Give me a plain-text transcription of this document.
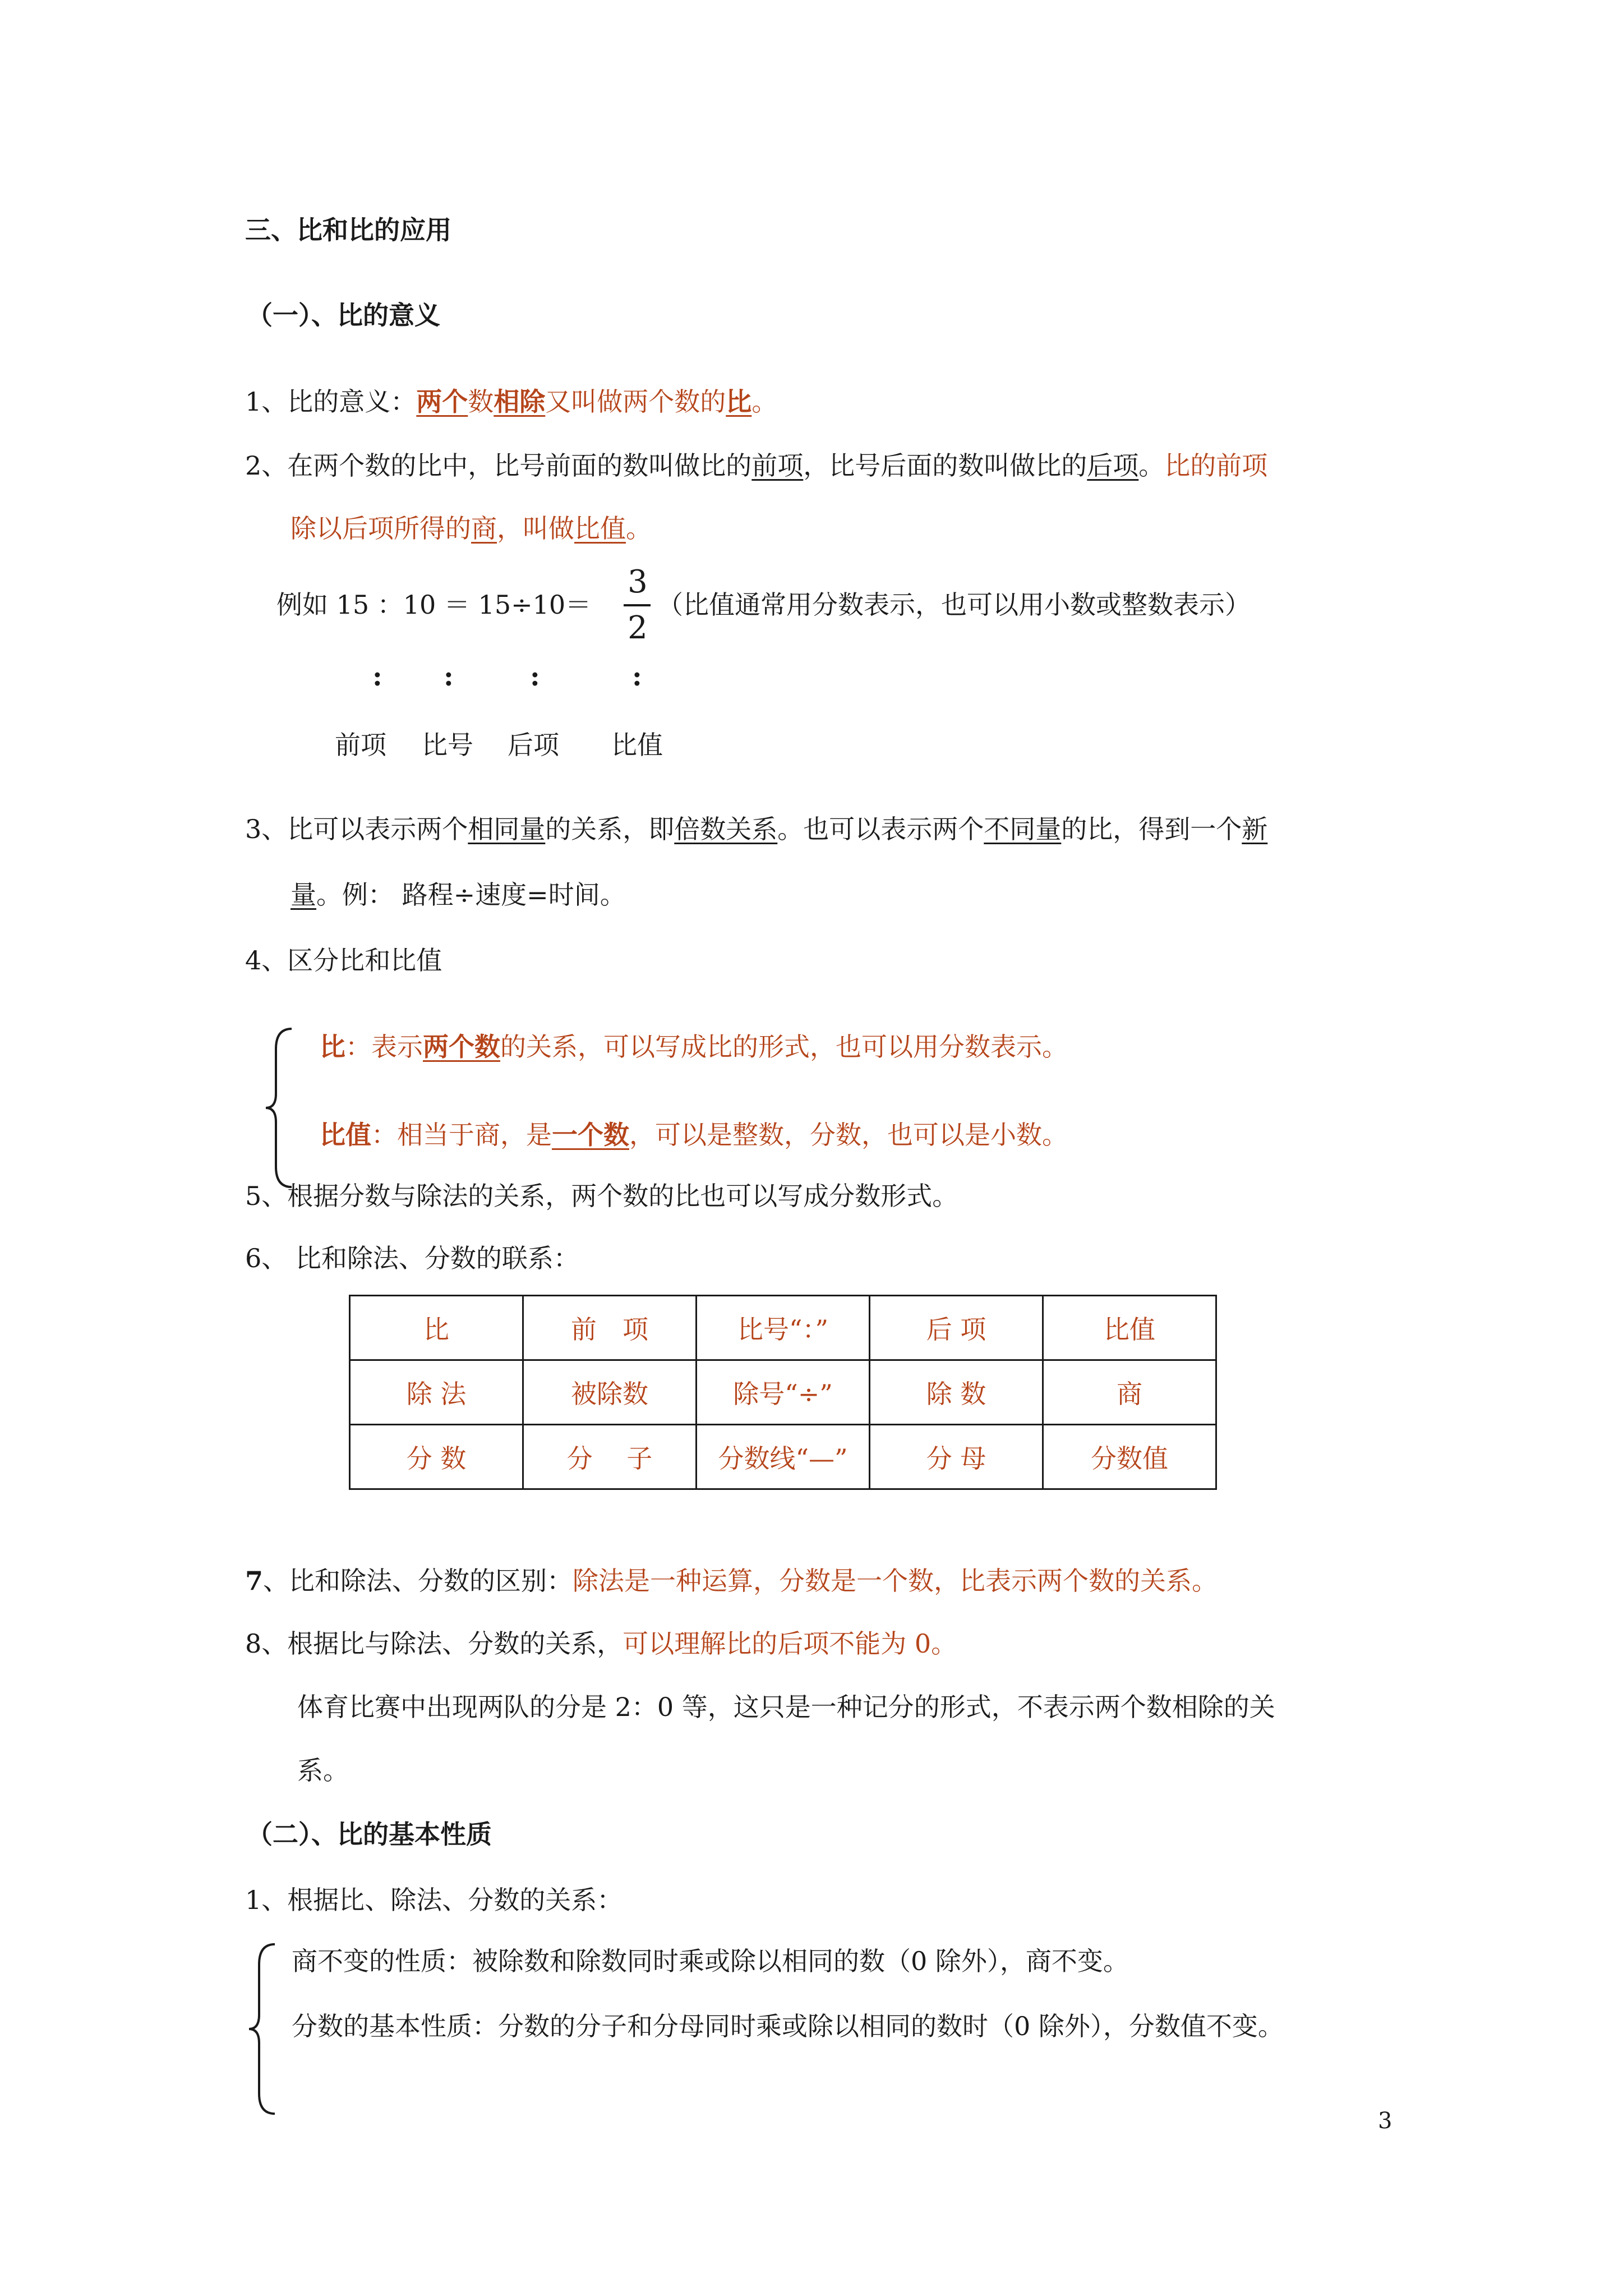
三、比和比的应用
（一）、比的意义
1、比的意义：两个数相除又叫做两个数的比。
2、在两个数的比中，比号前面的数叫做比的前项，比号后面的数叫做比的后项。比的前项
除以后项所得的商，叫做比值。
例如 15 ：10 ＝ 15÷10＝
3
2
（比值通常用分数表示，也可以用小数或整数表示）
: :	:	:
前项 比号 后项 比值
3、比可以表示两个相同量的关系，即倍数关系。也可以表示两个不同量的比，得到一个新
量。例： 路程÷速度=时间。
4、区分比和比值
比：表示两个数的关系，可以写成比的形式，也可以用分数表示。
比值：相当于商，是一个数，可以是整数，分数，也可以是小数。
5、根据分数与除法的关系，两个数的比也可以写成分数形式。
6、 比和除法、分数的联系：
比	前　项	比号“：”	后 项	比值
除 法	被除数	除号“÷”	除 数	商
分 数	分　 子	分数线“—”	分 母	分数值
7、比和除法、分数的区别：除法是一种运算，分数是一个数，比表示两个数的关系。
8、根据比与除法、分数的关系，可以理解比的后项不能为 0。
体育比赛中出现两队的分是 2：0 等，这只是一种记分的形式，不表示两个数相除的关
系。
（二）、比的基本性质
1、根据比、除法、分数的关系：
商不变的性质：被除数和除数同时乘或除以相同的数（0 除外），商不变。
分数的基本性质：分数的分子和分母同时乘或除以相同的数时（0 除外），分数值不变。
3
